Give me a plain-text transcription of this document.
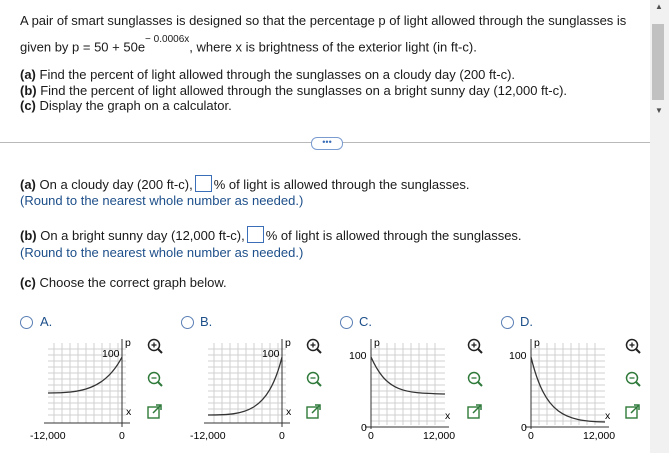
A pair of smart sunglasses is designed so that the percentage p of light allowed through the sunglasses is
given by $p = 50 + 50e^{- 0.0006x}$, where x is brightness of the exterior light (in ft-c).
(a) Find the percent of light allowed through the sunglasses on a cloudy day (200 ft-c).
(b) Find the percent of light allowed through the sunglasses on a bright sunny day (12,000 ft-c).
(c) Display the graph on a calculator.
•••
(a) On a cloudy day (200 ft-c), % of light is allowed through the sunglasses.
(Round to the nearest whole number as needed.)
(b) On a bright sunny day (12,000 ft-c), % of light is allowed through the sunglasses.
(Round to the nearest whole number as needed.)
(c) Choose the correct graph below.
A.
100
p
x
-12,000	0
B.
100
p
x
-12,000	0
C.
100
0
p
x
0	12,000
D.
100
0
p
x
0	12,000
▲
▼
